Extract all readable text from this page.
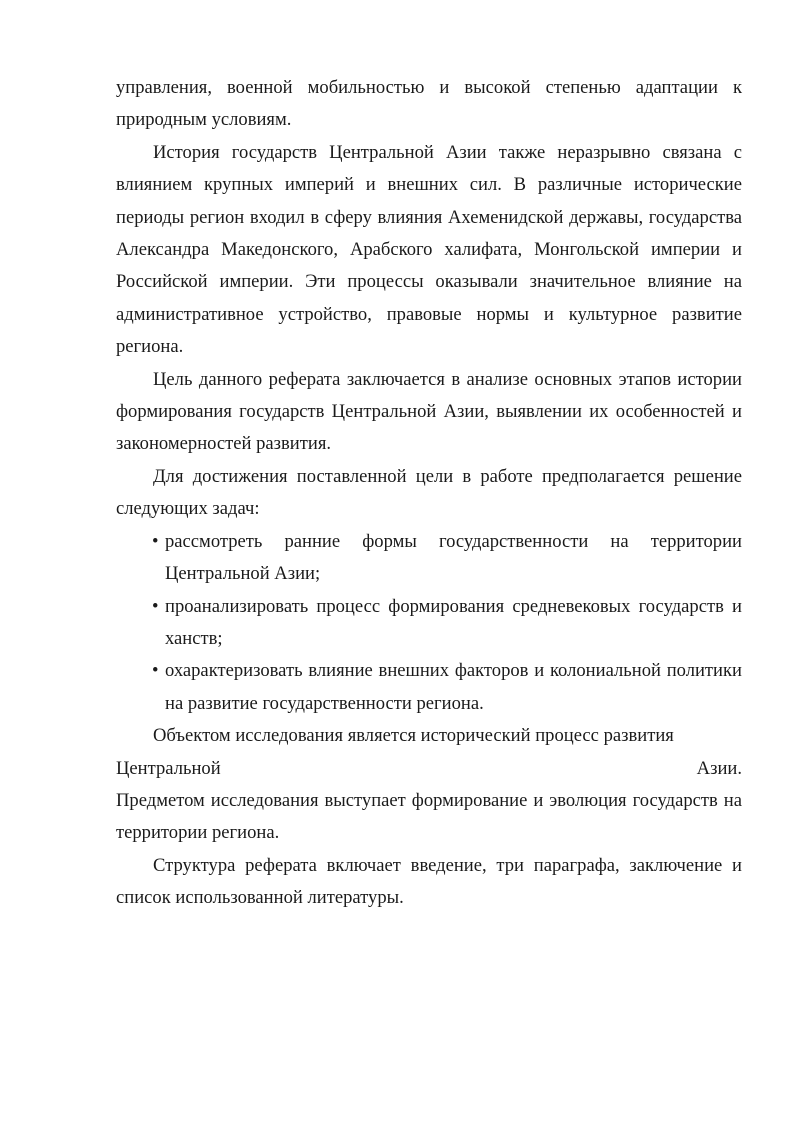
управления, военной мобильностью и высокой степенью адаптации к природным условиям.

История государств Центральной Азии также неразрывно связана с влиянием крупных империй и внешних сил. В различные исторические периоды регион входил в сферу влияния Ахеменидской державы, государства Александра Македонского, Арабского халифата, Монгольской империи и Российской империи. Эти процессы оказывали значительное влияние на административное устройство, правовые нормы и культурное развитие региона.

Цель данного реферата заключается в анализе основных этапов истории формирования государств Центральной Азии, выявлении их особенностей и закономерностей развития.

Для достижения поставленной цели в работе предполагается решение следующих задач:

• рассмотреть ранние формы государственности на территории Центральной Азии;
• проанализировать процесс формирования средневековых государств и ханств;
• охарактеризовать влияние внешних факторов и колониальной политики на развитие государственности региона.

Объектом исследования является исторический процесс развития

Центральной	Азии.

Предметом исследования выступает формирование и эволюция государств на территории региона.

Структура реферата включает введение, три параграфа, заключение и список использованной литературы.
